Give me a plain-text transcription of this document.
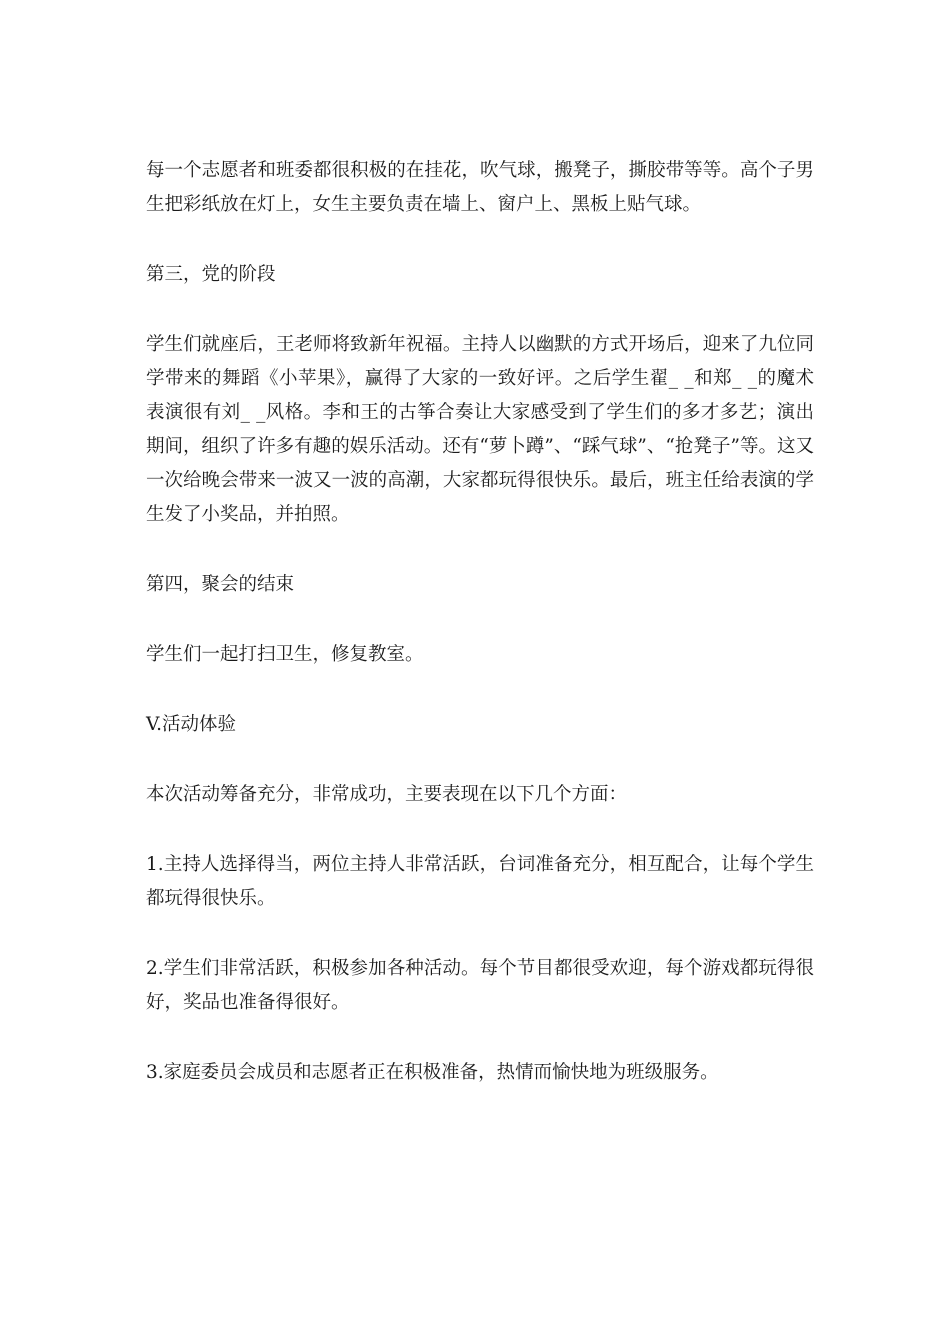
每一个志愿者和班委都很积极的在挂花，吹气球，搬凳子，撕胶带等等。高个子男生把彩纸放在灯上，女生主要负责在墙上、窗户上、黑板上贴气球。

第三，党的阶段

学生们就座后，王老师将致新年祝福。主持人以幽默的方式开场后，迎来了九位同学带来的舞蹈《小苹果》，赢得了大家的一致好评。之后学生翟_ _和郑_ _的魔术表演很有刘_ _风格。李和王的古筝合奏让大家感受到了学生们的多才多艺；演出期间，组织了许多有趣的娱乐活动。还有“萝卜蹲”、“踩气球”、“抢凳子”等。这又一次给晚会带来一波又一波的高潮，大家都玩得很快乐。最后，班主任给表演的学生发了小奖品，并拍照。

第四，聚会的结束

学生们一起打扫卫生，修复教室。

V.活动体验

本次活动筹备充分，非常成功，主要表现在以下几个方面：

1.主持人选择得当，两位主持人非常活跃，台词准备充分，相互配合，让每个学生都玩得很快乐。

2.学生们非常活跃，积极参加各种活动。每个节目都很受欢迎，每个游戏都玩得很好，奖品也准备得很好。

3.家庭委员会成员和志愿者正在积极准备，热情而愉快地为班级服务。
